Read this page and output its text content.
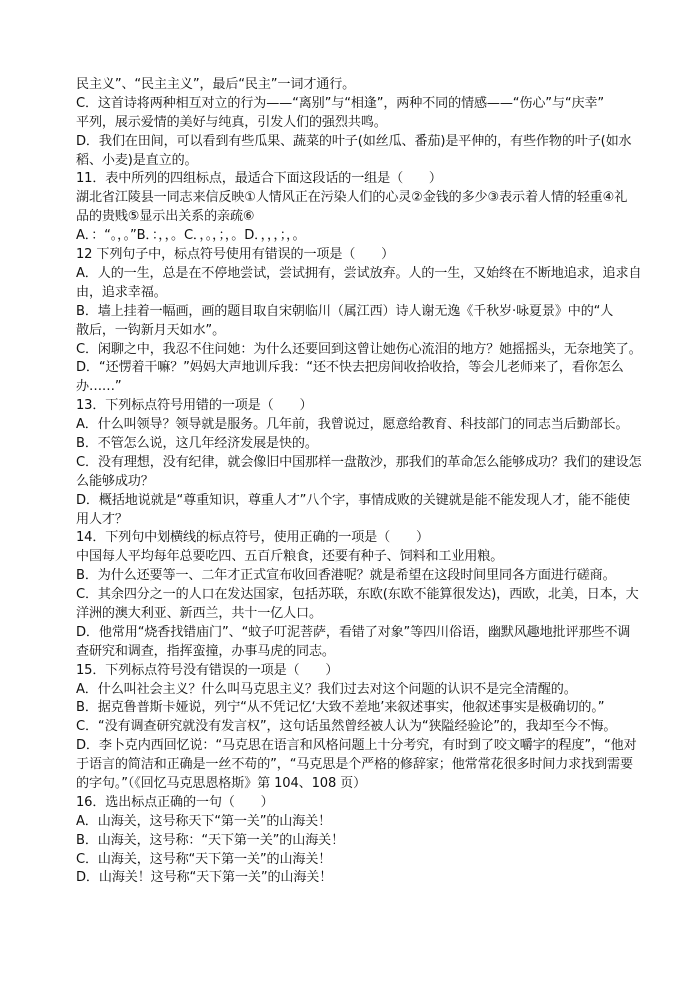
民主义”、“民主主义”，最后“民主”一词才通行。
C．这首诗将两种相互对立的行为——“离别”与“相逢”，两种不同的情感——“伤心”与“庆幸”
平列，展示爱情的美好与纯真，引发人们的强烈共鸣。
D．我们在田间，可以看到有些瓜果、蔬菜的叶子(如丝瓜、番茄)是平伸的，有些作物的叶子(如水
稻、小麦)是直立的。
11．表中所列的四组标点，最适合下面这段话的一组是（　　）
湖北省江陵县一同志来信反映①人情风正在污染人们的心灵②金钱的多少③表示着人情的轻重④礼
品的贵贱⑤显示出关系的亲疏⑥
A．：“。，。”B．：，，。C．，。，；，。D．，，，；，。
12 下列句子中，标点符号使用有错误的一项是（　　）
A．人的一生，总是在不停地尝试，尝试拥有，尝试放弃。人的一生，又始终在不断地追求，追求自由，追求幸福。
B．墙上挂着一幅画，画的题目取自宋朝临川（属江西）诗人谢无逸《千秋岁·咏夏景》中的“人
散后，一钩新月天如水”。
C．闲聊之中，我忍不住问她：为什么还要回到这曾让她伤心流泪的地方？她摇摇头，无奈地笑了。
D．“还愣着干嘛？”妈妈大声地训斥我：“还不快去把房间收拾收拾，等会儿老师来了，看你怎么
办……”
13．下列标点符号用错的一项是（　　）
A．什么叫领导？领导就是服务。几年前，我曾说过，愿意给教育、科技部门的同志当后勤部长。
B．不管怎么说，这几年经济发展是快的。
C．没有理想，没有纪律，就会像旧中国那样一盘散沙，那我们的革命怎么能够成功？我们的建设怎
么能够成功？
D．概括地说就是“尊重知识，尊重人才”八个字，事情成败的关键就是能不能发现人才，能不能使
用人才？
14．下列句中划横线的标点符号，使用正确的一项是（　　）
中国每人平均每年总要吃四、五百斤粮食，还要有种子、饲料和工业用粮。
B．为什么还要等一、二年才正式宣布收回香港呢？就是希望在这段时间里同各方面进行磋商。
C．其余四分之一的人口在发达国家，包括苏联，东欧(东欧不能算很发达)，西欧，北美，日本，大
洋洲的澳大利亚、新西兰，共十一亿人口。
D．他常用“烧香找错庙门”、“蚊子叮泥菩萨，看错了对象”等四川俗语，幽默风趣地批评那些不调
查研究和调查，指挥蛮撞，办事马虎的同志。
15．下列标点符号没有错误的一项是（　　）
A．什么叫社会主义？什么叫马克思主义？我们过去对这个问题的认识不是完全清醒的。
B．据克鲁普斯卡娅说，列宁“从不凭记忆‘大致不差地’来叙述事实，他叙述事实是极确切的。”
C．“没有调查研究就没有发言权”，这句话虽然曾经被人认为“狭隘经验论”的，我却至今不悔。
D．李卜克内西回忆说：“马克思在语言和风格问题上十分考究，有时到了咬文嚼字的程度”，“他对
于语言的简洁和正确是一丝不苟的”，“马克思是个严格的修辞家；他常常花很多时间力求找到需要
的字句。”（《回忆马克思恩格斯》第 104、108 页）
16．选出标点正确的一句（　　）
A．山海关，这号称天下“第一关”的山海关！
B．山海关，这号称：“天下第一关”的山海关！
C．山海关，这号称“天下第一关”的山海关！
D．山海关！这号称“天下第一关”的山海关！
